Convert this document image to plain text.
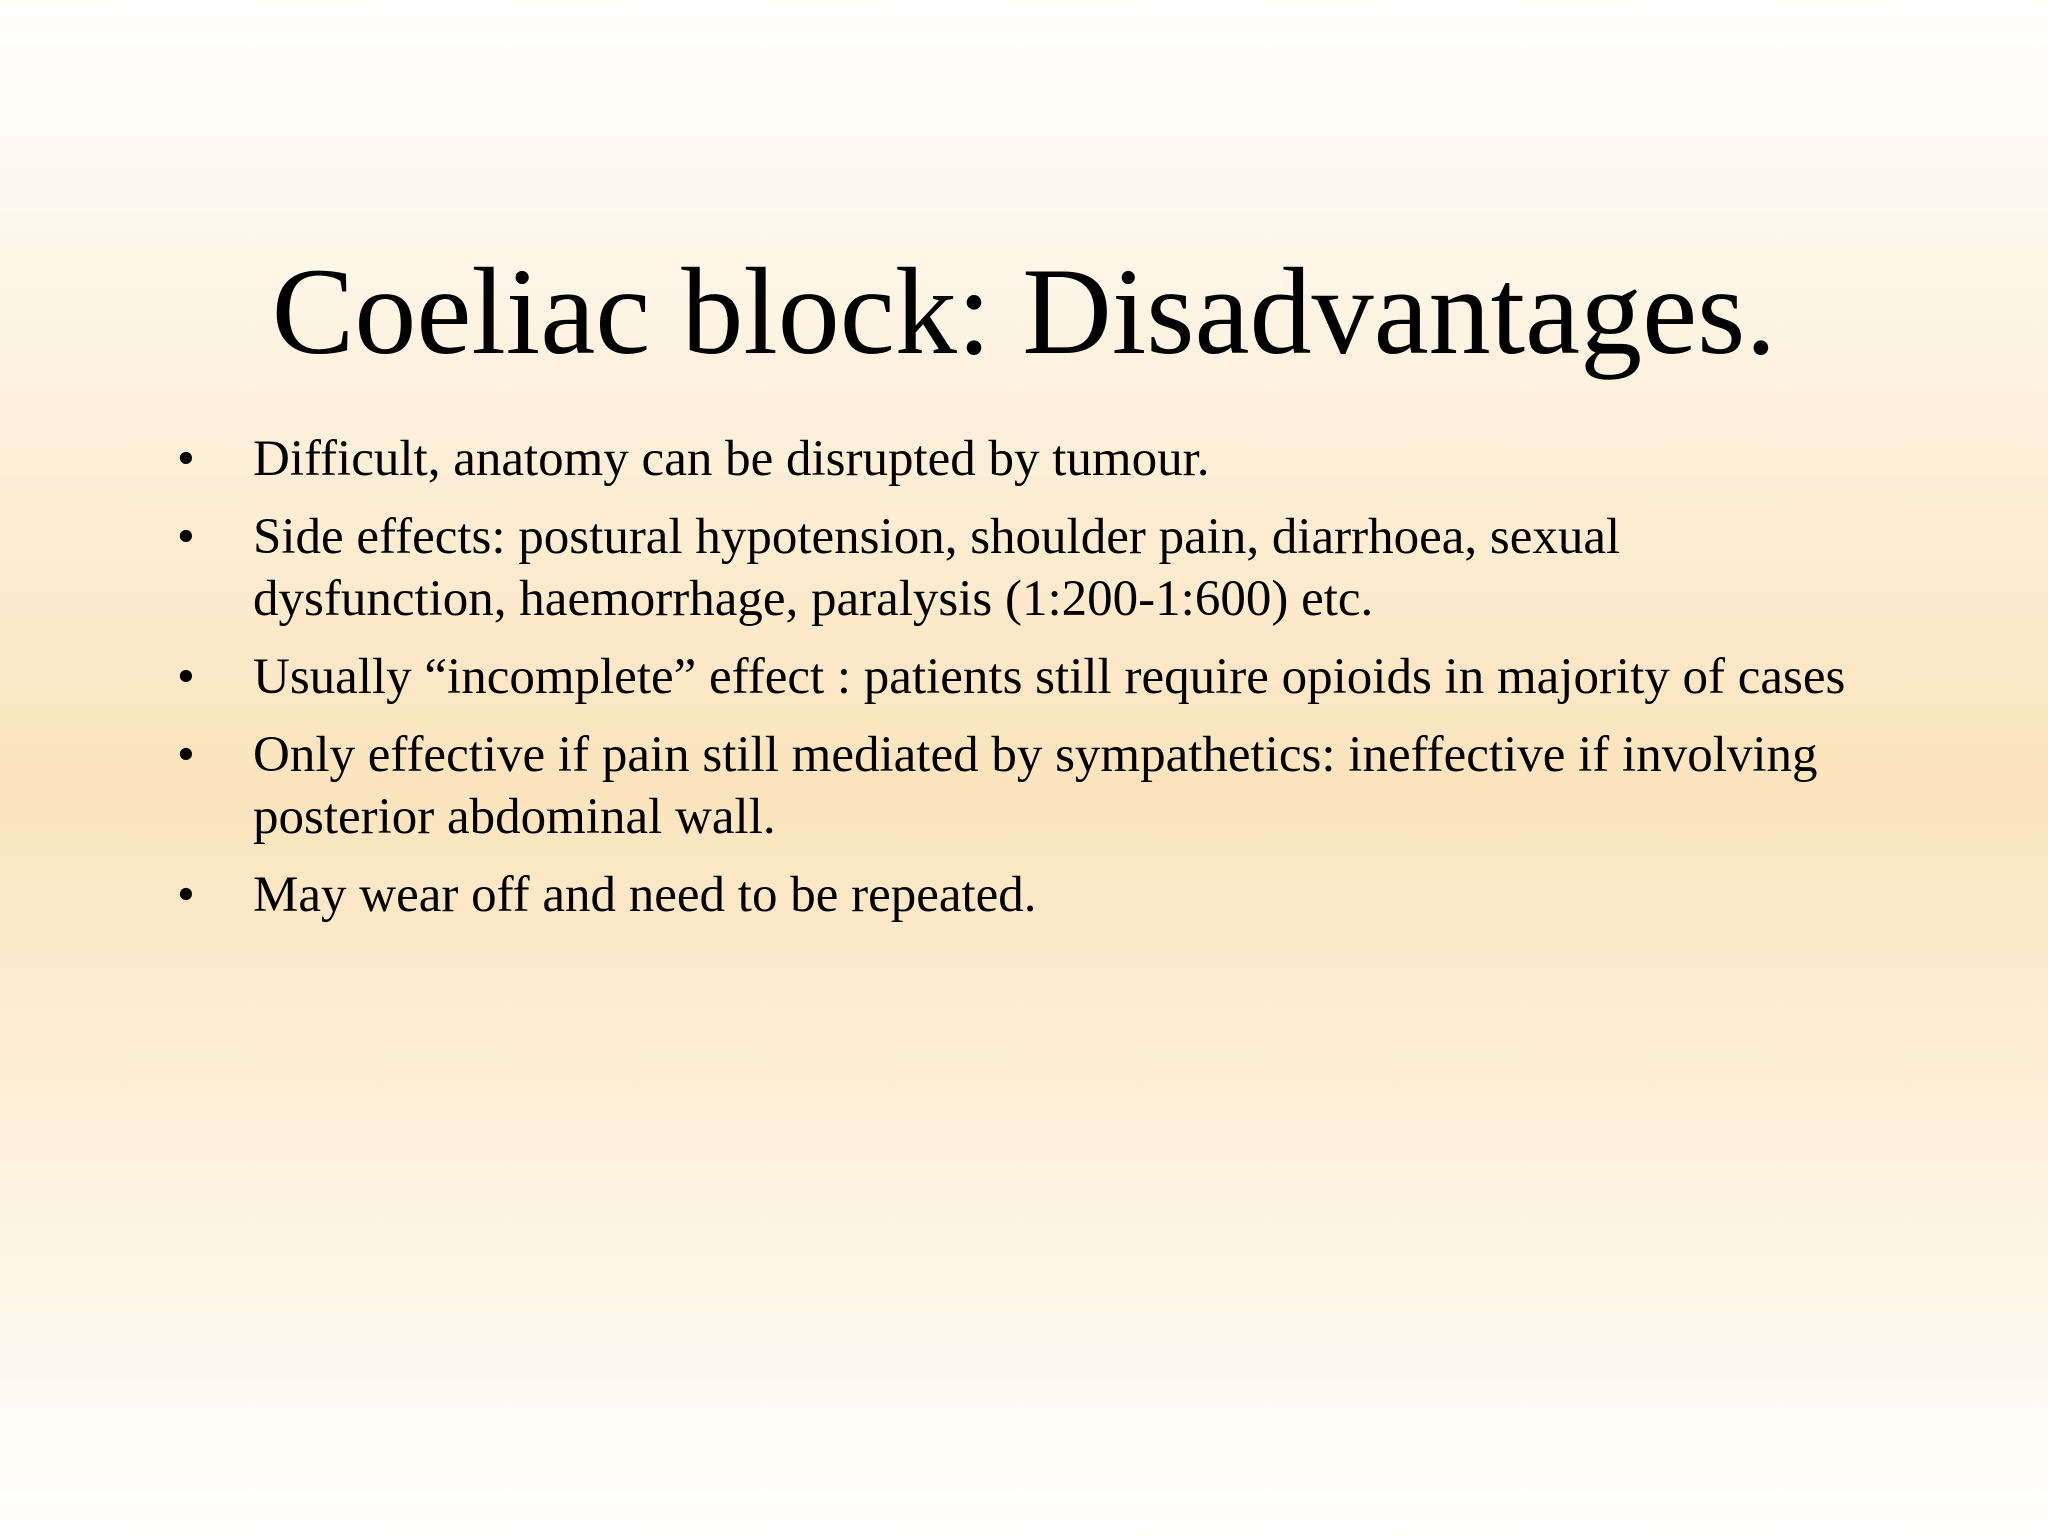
Coeliac block: Disadvantages.
•	Difficult, anatomy can be disrupted by tumour.
•	Side effects: postural hypotension, shoulder pain, diarrhoea, sexual dysfunction, haemorrhage, paralysis (1:200-1:600) etc.
•	Usually “incomplete” effect : patients still require opioids in majority of cases
•	Only effective if pain still mediated by sympathetics: ineffective if involving posterior abdominal wall.
•	May wear off and need to be repeated.
